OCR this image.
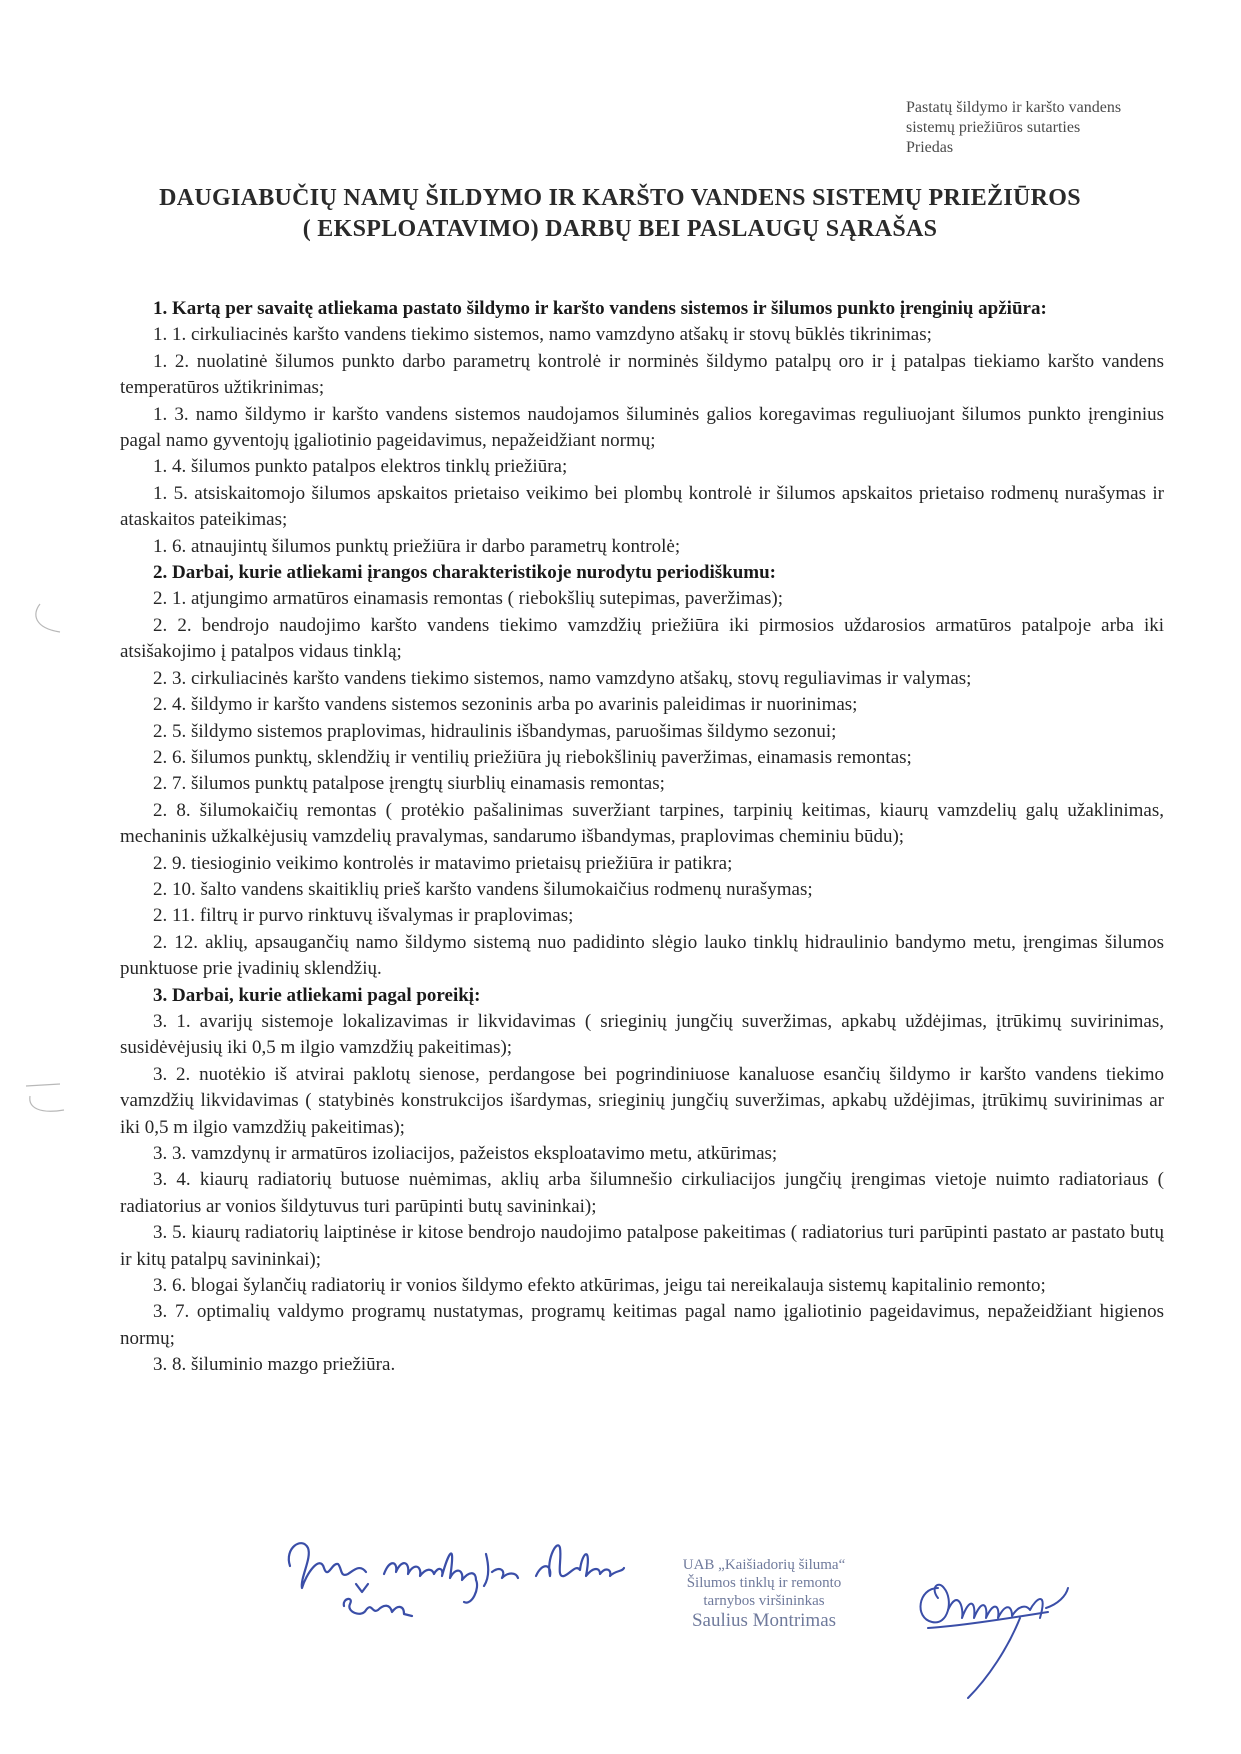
Pastatų šildymo ir karšto vandens
sistemų priežiūros sutarties
Priedas
DAUGIABUČIŲ NAMŲ ŠILDYMO IR KARŠTO VANDENS SISTEMŲ PRIEŽIŪROS
( EKSPLOATAVIMO) DARBŲ BEI PASLAUGŲ SĄRAŠAS

1. Kartą per savaitę atliekama pastato šildymo ir karšto vandens sistemos ir šilumos punkto įrenginių apžiūra:

1. 1. cirkuliacinės karšto vandens tiekimo sistemos, namo vamzdyno atšakų ir stovų būklės tikrinimas;

1. 2. nuolatinė šilumos punkto darbo parametrų kontrolė ir norminės šildymo patalpų oro ir į patalpas tiekiamo karšto vandens temperatūros užtikrinimas;

1. 3. namo šildymo ir karšto vandens sistemos naudojamos šiluminės galios koregavimas reguliuojant šilumos punkto įrenginius pagal namo gyventojų įgaliotinio pageidavimus, nepažeidžiant normų;

1. 4. šilumos punkto patalpos elektros tinklų priežiūra;

1. 5. atsiskaitomojo šilumos apskaitos prietaiso veikimo bei plombų kontrolė ir šilumos apskaitos prietaiso rodmenų nurašymas ir ataskaitos pateikimas;

1. 6. atnaujintų šilumos punktų priežiūra ir darbo parametrų kontrolė;

2. Darbai, kurie atliekami įrangos charakteristikoje nurodytu periodiškumu:

2. 1. atjungimo armatūros einamasis remontas ( riebokšlių sutepimas, paveržimas);

2. 2. bendrojo naudojimo karšto vandens tiekimo vamzdžių priežiūra iki pirmosios uždarosios armatūros patalpoje arba iki atsišakojimo į patalpos vidaus tinklą;

2. 3. cirkuliacinės karšto vandens tiekimo sistemos, namo vamzdyno atšakų, stovų reguliavimas ir valymas;

2. 4. šildymo ir karšto vandens sistemos sezoninis arba po avarinis paleidimas ir nuorinimas;

2. 5. šildymo sistemos praplovimas, hidraulinis išbandymas, paruošimas šildymo sezonui;

2. 6. šilumos punktų, sklendžių ir ventilių priežiūra jų riebokšlinių paveržimas, einamasis remontas;

2. 7. šilumos punktų patalpose įrengtų siurblių einamasis remontas;

2. 8. šilumokaičių remontas ( protėkio pašalinimas suveržiant tarpines, tarpinių keitimas, kiaurų vamzdelių galų užaklinimas, mechaninis užkalkėjusių vamzdelių pravalymas, sandarumo išbandymas, praplovimas cheminiu būdu);

2. 9. tiesioginio veikimo kontrolės ir matavimo prietaisų priežiūra ir patikra;

2. 10. šalto vandens skaitiklių prieš karšto vandens šilumokaičius rodmenų nurašymas;

2. 11. filtrų ir purvo rinktuvų išvalymas ir praplovimas;

2. 12. aklių, apsaugančių namo šildymo sistemą nuo padidinto slėgio lauko tinklų hidraulinio bandymo metu, įrengimas šilumos punktuose prie įvadinių sklendžių.

3. Darbai, kurie atliekami pagal poreikį:

3. 1. avarijų sistemoje lokalizavimas ir likvidavimas ( srieginių jungčių suveržimas, apkabų uždėjimas, įtrūkimų suvirinimas, susidėvėjusių iki 0,5 m ilgio vamzdžių pakeitimas);

3. 2. nuotėkio iš atvirai paklotų sienose, perdangose bei pogrindiniuose kanaluose esančių šildymo ir karšto vandens tiekimo vamzdžių likvidavimas ( statybinės konstrukcijos išardymas, srieginių jungčių suveržimas, apkabų uždėjimas, įtrūkimų suvirinimas ar iki 0,5 m ilgio vamzdžių pakeitimas);

3. 3. vamzdynų ir armatūros izoliacijos, pažeistos eksploatavimo metu, atkūrimas;

3. 4. kiaurų radiatorių butuose nuėmimas, aklių arba šilumnešio cirkuliacijos jungčių įrengimas vietoje nuimto radiatoriaus ( radiatorius ar vonios šildytuvus turi parūpinti butų savininkai);

3. 5. kiaurų radiatorių laiptinėse ir kitose bendrojo naudojimo patalpose pakeitimas ( radiatorius turi parūpinti pastato ar pastato butų ir kitų patalpų savininkai);

3. 6. blogai šylančių radiatorių ir vonios šildymo efekto atkūrimas, jeigu tai nereikalauja sistemų kapitalinio remonto;

3. 7. optimalių valdymo programų nustatymas, programų keitimas pagal namo įgaliotinio pageidavimus, nepažeidžiant higienos normų;

3. 8. šiluminio mazgo priežiūra.

UAB „Kaišiadorių šiluma“
Šilumos tinklų ir remonto
tarnybos viršininkas
Saulius Montrimas
